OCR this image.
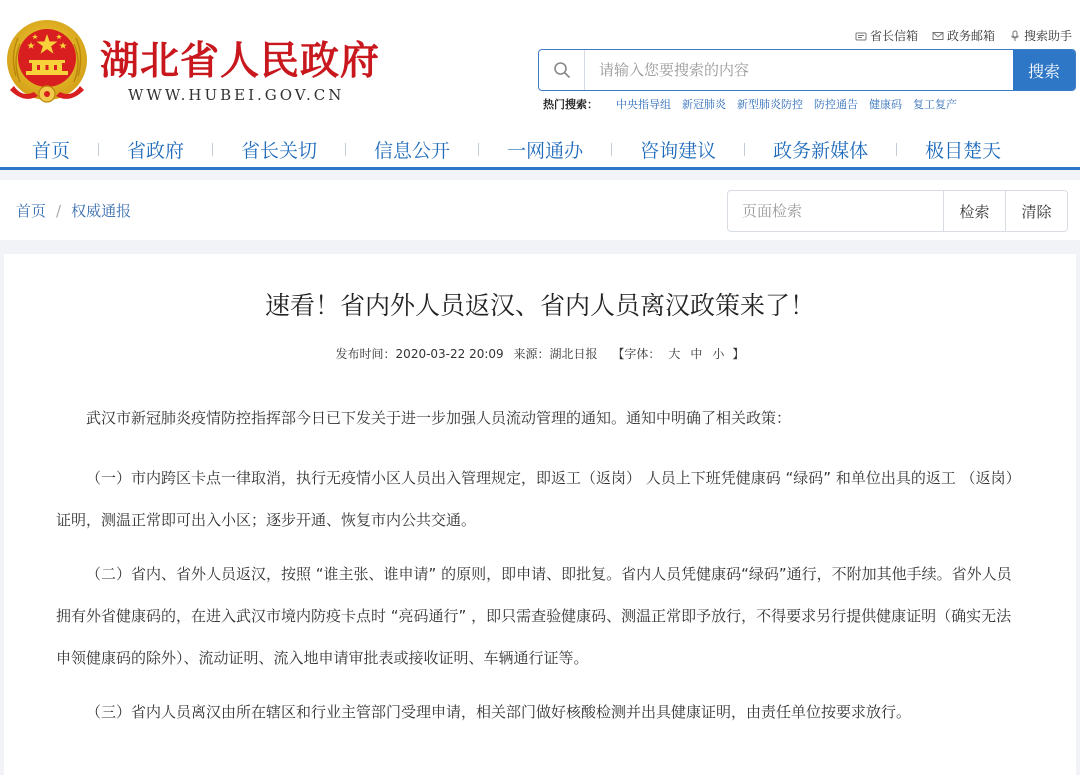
湖北省人民政府
WWW.HUBEI.GOV.CN
省长信箱 政务邮箱 搜索助手
请输入您要搜索的内容
搜索
热门搜索： 中央指导组 新冠肺炎 新型肺炎防控 防控通告 健康码 复工复产
首页	省政府	省长关切	信息公开	一网通办	咨询建议	政务新媒体	极目楚天
首页 / 权威通报
页面检索	检索	清除
速看！省内外人员返汉、省内人员离汉政策来了！
发布时间：2020-03-22 20:09 来源：湖北日报 【字体： 大 中 小 】

武汉市新冠肺炎疫情防控指挥部今日已下发关于进一步加强人员流动管理的通知。通知中明确了相关政策：

（一）市内跨区卡点一律取消，执行无疫情小区人员出入管理规定，即返工（返岗） 人员上下班凭健康码 “绿码” 和单位出具的返工 （返岗）证明，测温正常即可出入小区；逐步开通、恢复市内公共交通。

（二）省内、省外人员返汉，按照 “谁主张、谁申请” 的原则，即申请、即批复。省内人员凭健康码“绿码”通行，不附加其他手续。省外人员拥有外省健康码的，在进入武汉市境内防疫卡点时 “亮码通行” ，即只需查验健康码、测温正常即予放行，不得要求另行提供健康证明（确实无法申领健康码的除外）、流动证明、流入地申请审批表或接收证明、车辆通行证等。

（三）省内人员离汉由所在辖区和行业主管部门受理申请，相关部门做好核酸检测并出具健康证明，由责任单位按要求放行。
